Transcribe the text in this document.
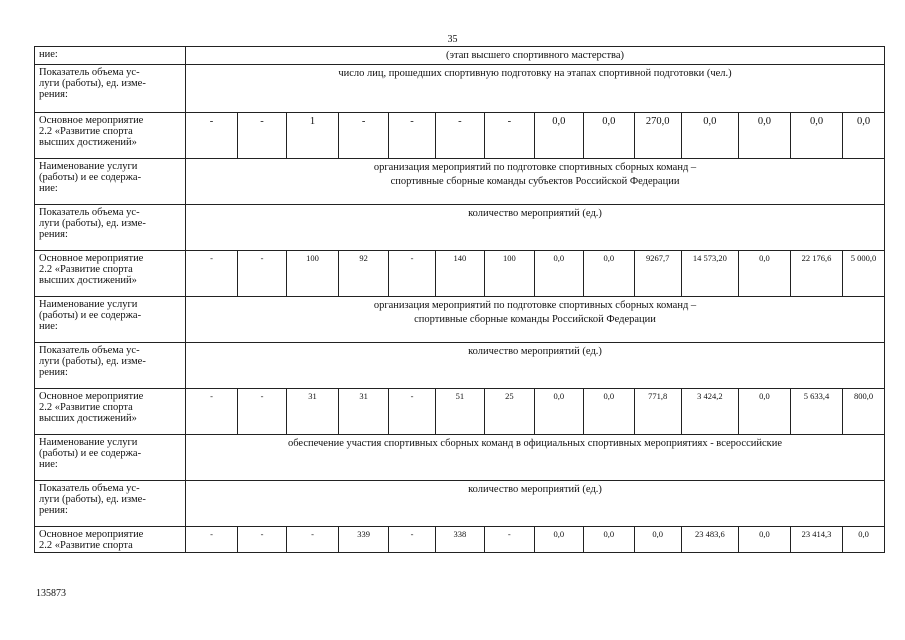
35
ние:	(этап высшего спортивного мастерства)													
Показатель объема ус-
луги (работы), ед. изме-
рения:	число лиц, прошедших спортивную подготовку на этапах спортивной подготовки (чел.)													
Основное мероприятие
2.2 «Развитие спорта
высших достижений»	-	-	1	-	-	-	-	0,0	0,0	270,0	0,0	0,0	0,0	0,0
Наименование услуги
(работы) и ее содержа-
ние:	организация мероприятий по подготовке спортивных сборных команд –
спортивные сборные команды субъектов Российской Федерации													
Показатель объема ус-
луги (работы), ед. изме-
рения:	количество мероприятий (ед.)													
Основное мероприятие
2.2 «Развитие спорта
высших достижений»	-	-	100	92	-	140	100	0,0	0,0	9267,7	14 573,20	0,0	22 176,6	5 000,0
Наименование услуги
(работы) и ее содержа-
ние:	организация мероприятий по подготовке спортивных сборных команд –
спортивные сборные команды Российской Федерации													
Показатель объема ус-
луги (работы), ед. изме-
рения:	количество мероприятий (ед.)													
Основное мероприятие
2.2 «Развитие спорта
высших достижений»	-	-	31	31	-	51	25	0,0	0,0	771,8	3 424,2	0,0	5 633,4	800,0
Наименование услуги
(работы) и ее содержа-
ние:	обеспечение участия спортивных сборных команд в официальных спортивных мероприятиях - всероссийские													
Показатель объема ус-
луги (работы), ед. изме-
рения:	количество мероприятий (ед.)													
Основное мероприятие
2.2 «Развитие спорта	-	-	-	339	-	338	-	0,0	0,0	0,0	23 483,6	0,0	23 414,3	0,0
135873
